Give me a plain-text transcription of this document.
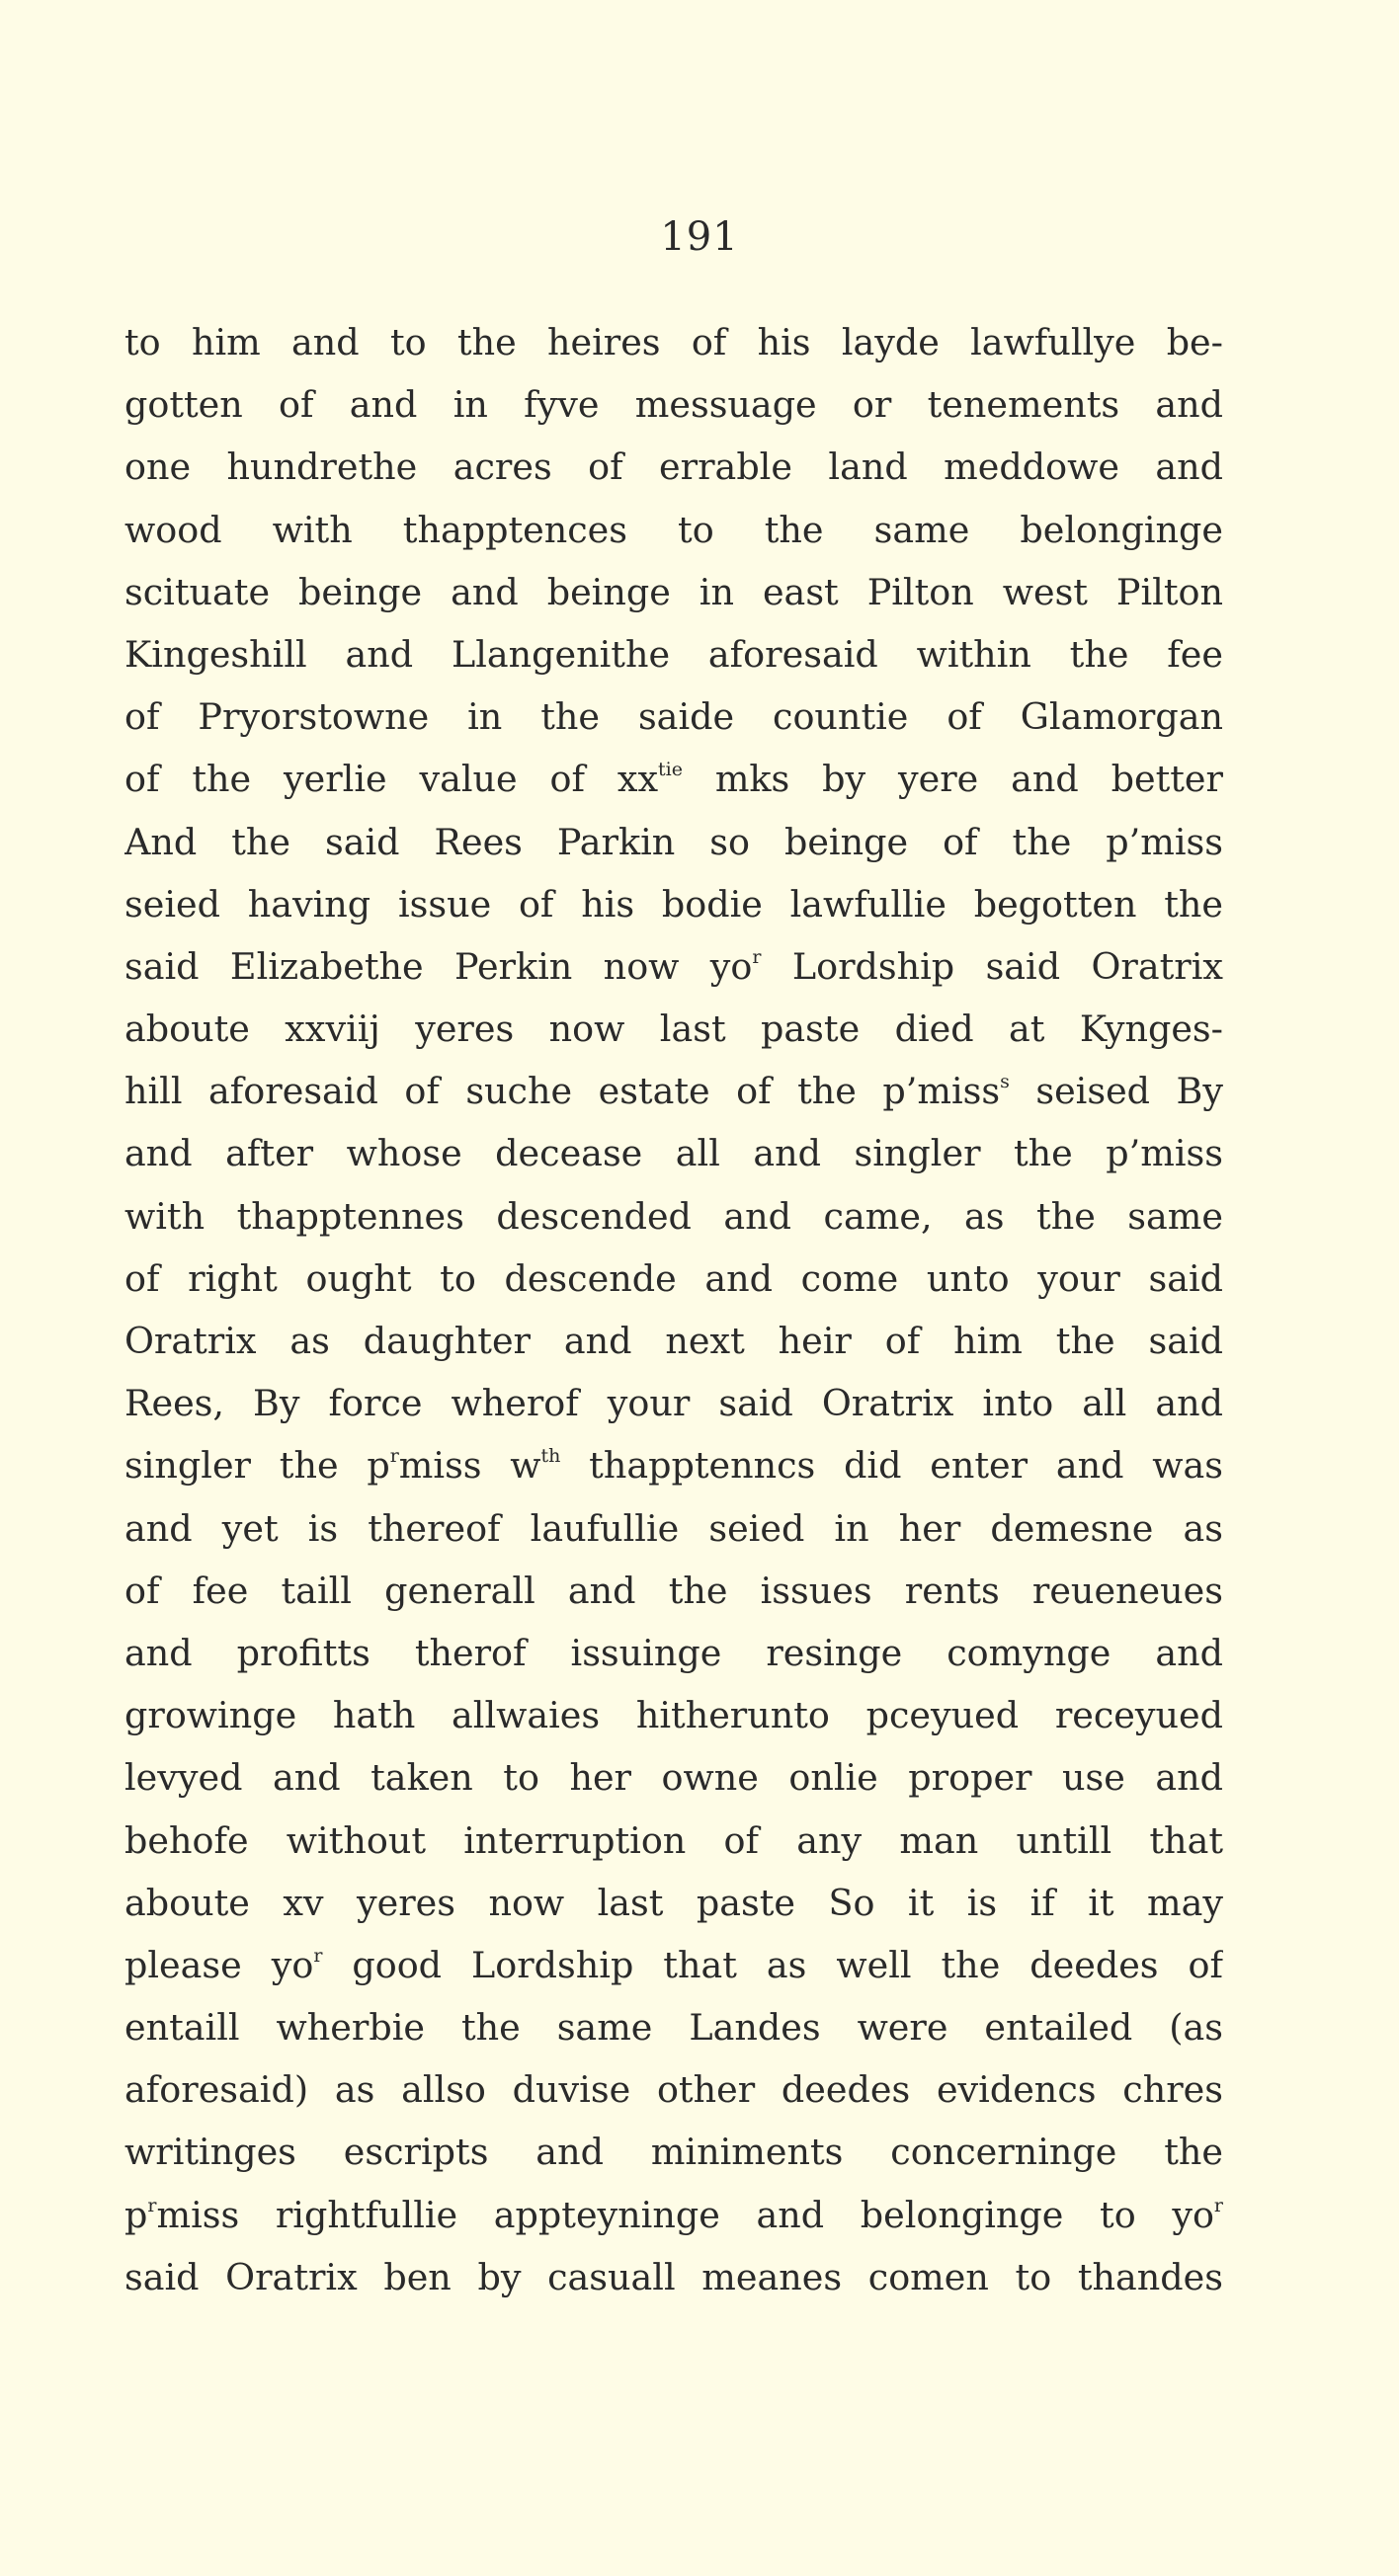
191
to him and to the heires of his layde lawfullye be-
gotten of and in fyve messuage or tenements and
one hundrethe acres of errable land meddowe and
wood with thapptences to the same belonginge
scituate beinge and beinge in east Pilton west Pilton
Kingeshill and Llangenithe aforesaid within the fee
of Pryorstowne in the saide countie of Glamorgan
of the yerlie value of $xx^{tie}$ mks by yere and better
And the said Rees Parkin so beinge of the p’miss
seied having issue of his bodie lawfullie begotten the
said Elizabethe Perkin now $yo^r$ Lordship said Oratrix
aboute xxviij yeres now last paste died at Kynges-
hill aforesaid of suche estate of the p’miss$^s$ seised By
and after whose decease all and singler the p’miss
with thapptennes descended and came, as the same
of right ought to descende and come unto your said
Oratrix as daughter and next heir of him the said
Rees, By force wherof your said Oratrix into all and
singler the $p^rmiss$ $w^{th}$ thapptenncs did enter and was
and yet is thereof laufullie seied in her demesne as
of fee taill generall and the issues rents reueneues
and profitts therof issuinge resinge comynge and
growinge hath allwaies hitherunto pceyued receyued
levyed and taken to her owne onlie proper use and
behofe without interruption of any man untill that
aboute xv yeres now last paste So it is if it may
please $yo^r$ good Lordship that as well the deedes of
entaill wherbie the same Landes were entailed (as
aforesaid) as allso duvise other deedes evidencs chres
writinges escripts and miniments concerninge the
$p^rmiss$ rightfullie appteyninge and belonginge to $yo^r$
said Oratrix ben by casuall meanes comen to thandes
